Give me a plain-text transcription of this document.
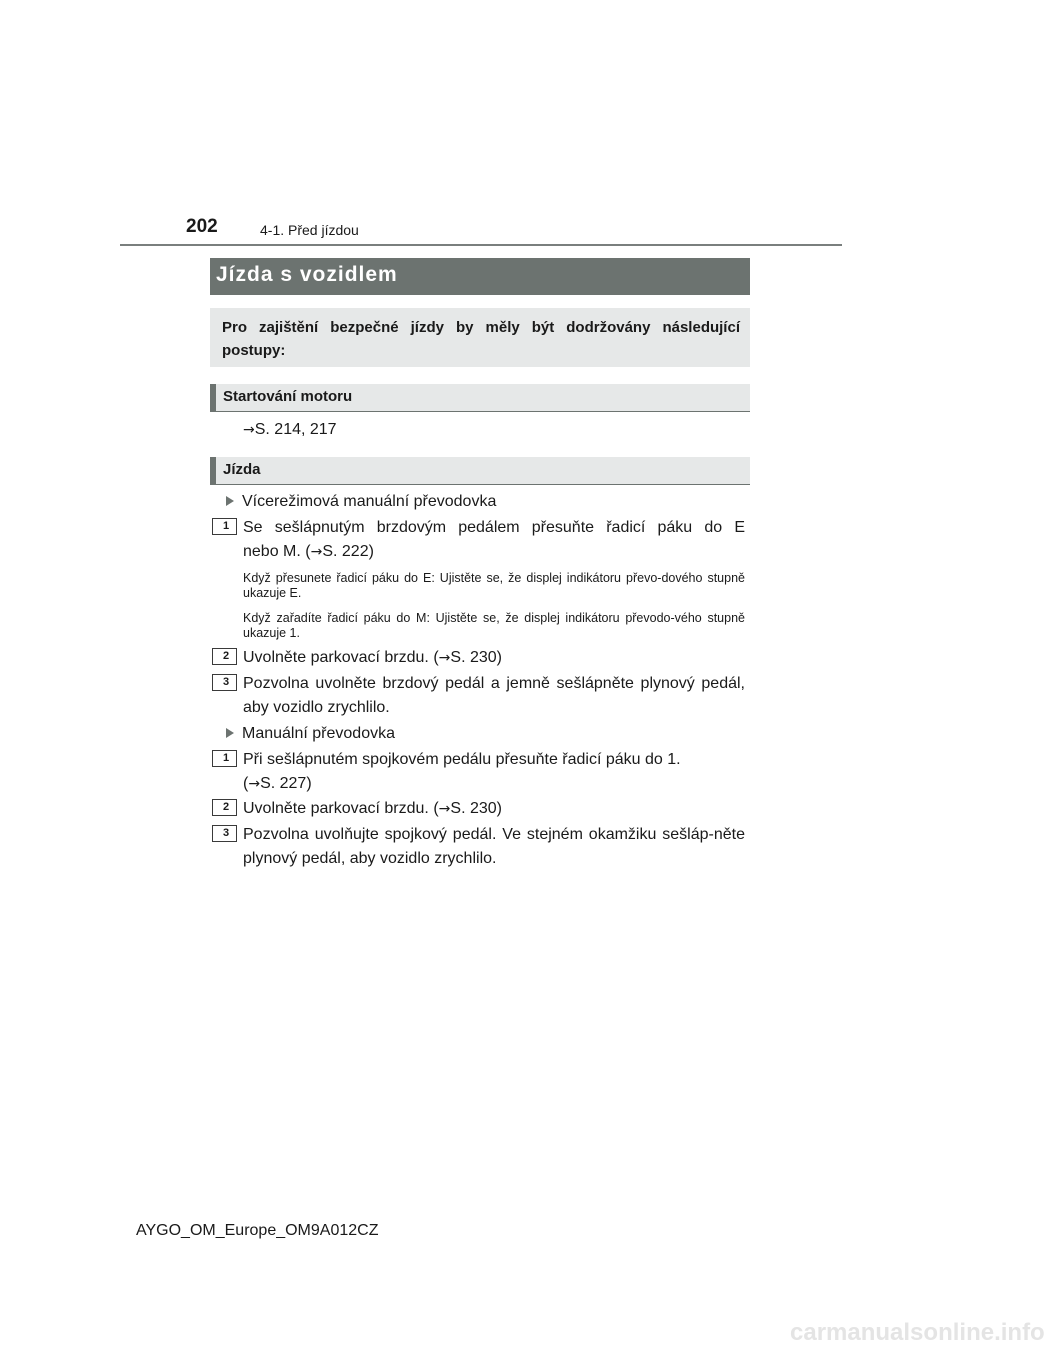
202	4-1. Před jízdou
Jízda s vozidlem
Pro zajištění bezpečné jízdy by měly být dodržovány následující postupy:
Startování motoru
→S. 214, 217
Jízda
Vícerežimová manuální převodovka
1 Se sešlápnutým brzdovým pedálem přesuňte řadicí páku do E
nebo M. (→S. 222)
Když přesunete řadicí páku do E: Ujistěte se, že displej indikátoru převo-dového stupně ukazuje E.
Když zařadíte řadicí páku do M: Ujistěte se, že displej indikátoru převodo-vého stupně ukazuje 1.
2 Uvolněte parkovací brzdu. (→S. 230)
3 Pozvolna uvolněte brzdový pedál a jemně sešlápněte plynový pedál, aby vozidlo zrychlilo.
Manuální převodovka
1 Při sešlápnutém spojkovém pedálu přesuňte řadicí páku do 1.
(→S. 227)
2 Uvolněte parkovací brzdu. (→S. 230)
3 Pozvolna uvolňujte spojkový pedál. Ve stejném okamžiku sešláp-něte plynový pedál, aby vozidlo zrychlilo.
AYGO_OM_Europe_OM9A012CZ
carmanualsonline.info
